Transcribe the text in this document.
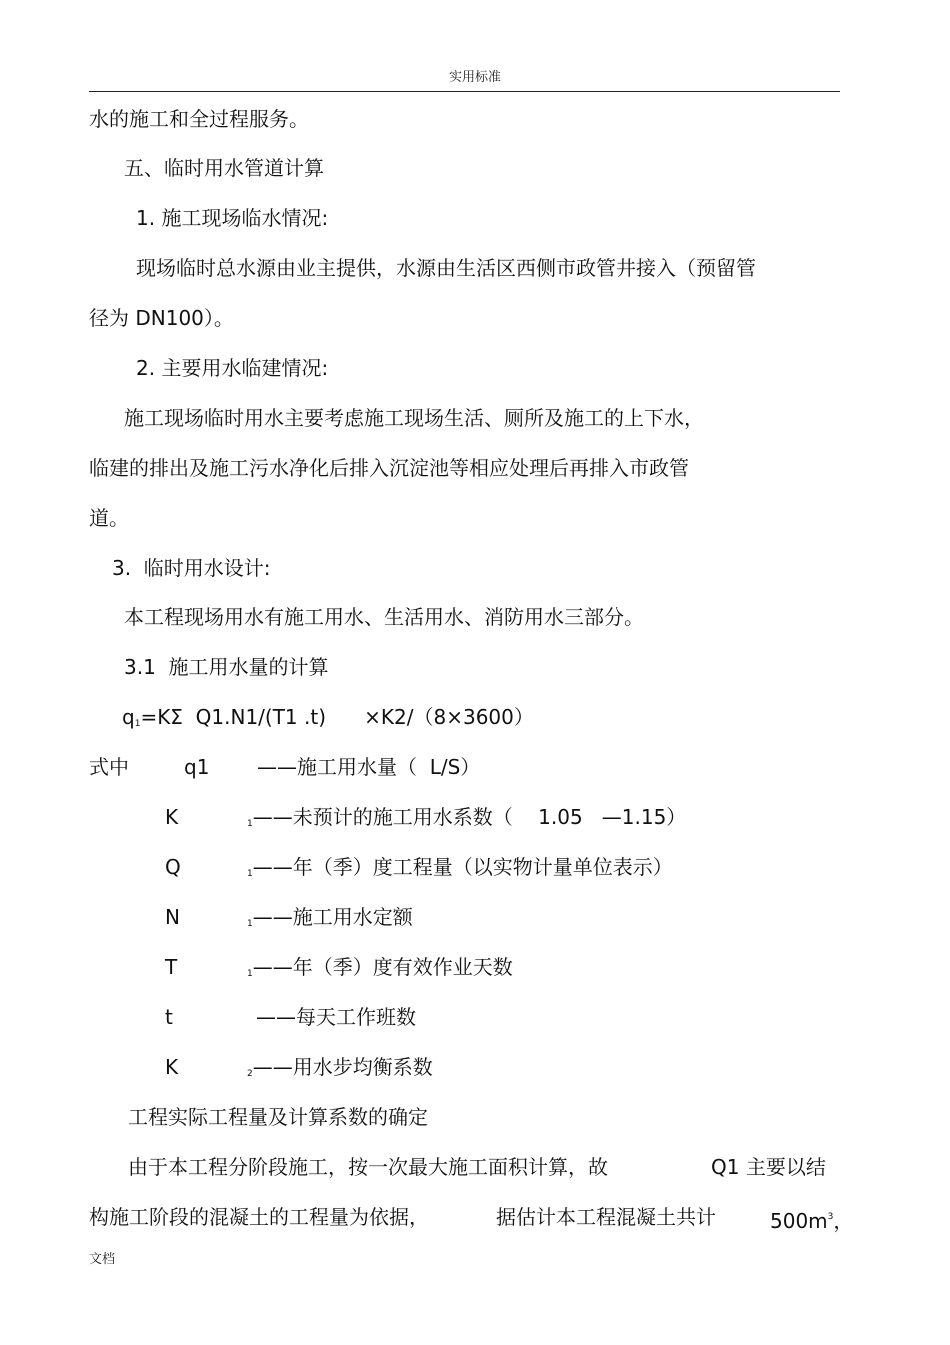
实用标准
水的施工和全过程服务。
五、临时用水管道计算
1. 施工现场临水情况:
现场临时总水源由业主提供，水源由生活区西侧市政管井接入（预留管
径为 DN100）。
2. 主要用水临建情况:
施工现场临时用水主要考虑施工现场生活、厕所及施工的上下水，
临建的排出及施工污水净化后排入沉淀池等相应处理后再排入市政管
道。
3.  临时用水设计:
本工程现场用水有施工用水、生活用水、消防用水三部分。
3.1  施工用水量的计算
$q_1=K\Sigma$  Q1.N1/(T1 .t)      ×K2/（8×3600）
式中	q1 ——施工用水量（  L/S）
K	$_1$——未预计的施工用水系数（    1.05   —1.15）
Q	$_1$——年（季）度工程量（以实物计量单位表示）
N	$_1$——施工用水定额
T	$_1$——年（季）度有效作业天数
t	——每天工作班数
K	$_2$——用水步均衡系数
工程实际工程量及计算系数的确定
由于本工程分阶段施工，按一次最大施工面积计算，故	Q1 主要以结
构施工阶段的混凝土的工程量为依据，	据估计本工程混凝土共计	$500m^3$，
文档
